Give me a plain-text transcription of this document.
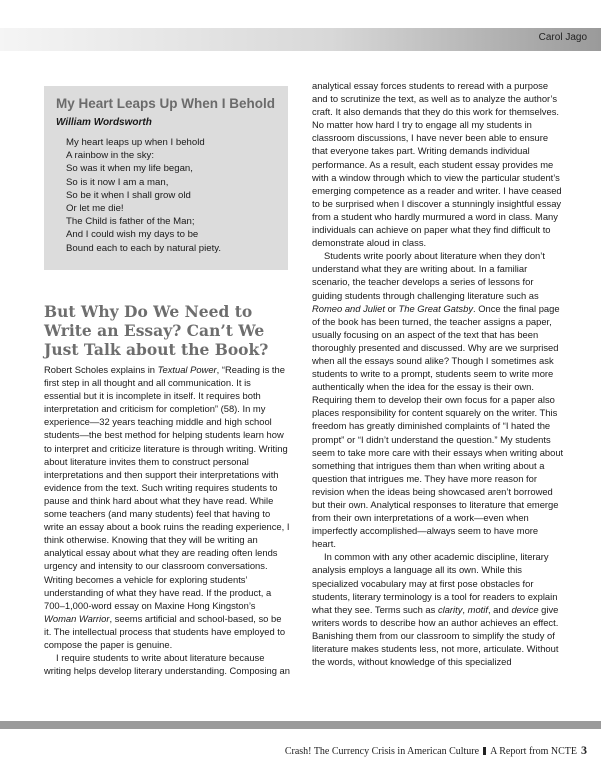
Carol Jago
My Heart Leaps Up When I Behold
William Wordsworth
My heart leaps up when I behold
A rainbow in the sky:
So was it when my life began,
So is it now I am a man,
So be it when I shall grow old
Or let me die!
The Child is father of the Man;
And I could wish my days to be
Bound each to each by natural piety.
But Why Do We Need to Write an Essay? Can’t We Just Talk about the Book?

Robert Scholes explains in Textual Power, “Reading is the first step in all thought and all communication. It is essential but it is incomplete in itself. It requires both interpretation and criticism for completion” (58). In my experience—32 years teaching middle and high school students—the best method for helping students learn how to interpret and criticize literature is through writing. Writing about literature invites them to construct personal interpretations and then support their interpretations with evidence from the text. Such writing requires students to pause and think hard about what they have read. While some teachers (and many students) feel that having to write an essay about a book ruins the reading experience, I think otherwise. Knowing that they will be writing an analytical essay about what they are reading often lends urgency and intensity to our classroom conversations. Writing becomes a vehicle for exploring students’ understanding of what they have read. If the product, a 700–1,000-word essay on Maxine Hong Kingston’s Woman Warrior, seems artificial and school-based, so be it. The intellectual process that students have employed to compose the paper is genuine.

I require students to write about literature because writing helps develop literary understanding. Composing an

analytical essay forces students to reread with a purpose and to scrutinize the text, as well as to analyze the author’s craft. It also demands that they do this work for themselves. No matter how hard I try to engage all my students in classroom discussions, I have never been able to ensure that everyone takes part. Writing demands individual performance. As a result, each student essay provides me with a window through which to view the particular student’s emerging competence as a reader and writer. I have ceased to be surprised when I discover a stunningly insightful essay from a student who hardly murmured a word in class. Many individuals can achieve on paper what they find difficult to demonstrate aloud in class.

Students write poorly about literature when they don’t understand what they are writing about. In a familiar scenario, the teacher develops a series of lessons for guiding students through challenging literature such as Romeo and Juliet or The Great Gatsby. Once the final page of the book has been turned, the teacher assigns a paper, usually focusing on an aspect of the text that has been thoroughly presented and discussed. Why are we surprised when all the essays sound alike? Though I sometimes ask students to write to a prompt, students seem to write more authentically when the idea for the essay is their own. Requiring them to develop their own focus for a paper also places responsibility for content squarely on the writer. This freedom has greatly diminished complaints of “I hated the prompt” or “I didn’t understand the question.” My students seem to take more care with their essays when writing about something that intrigues them than when writing about a question that intrigues me. They have more reason for revision when the ideas being showcased aren’t borrowed but their own. Analytical responses to literature that emerge from their own interpretations of a work—even when imperfectly accomplished—always seem to have more heart.

In common with any other academic discipline, literary analysis employs a language all its own. While this specialized vocabulary may at first pose obstacles for students, literary terminology is a tool for readers to explain what they see. Terms such as clarity, motif, and device give writers words to describe how an author achieves an effect. Banishing them from our classroom to simplify the study of literature makes students less, not more, articulate. Without the words, without knowledge of this specialized

Crash! The Currency Crisis in American Culture A Report from NCTE 3
